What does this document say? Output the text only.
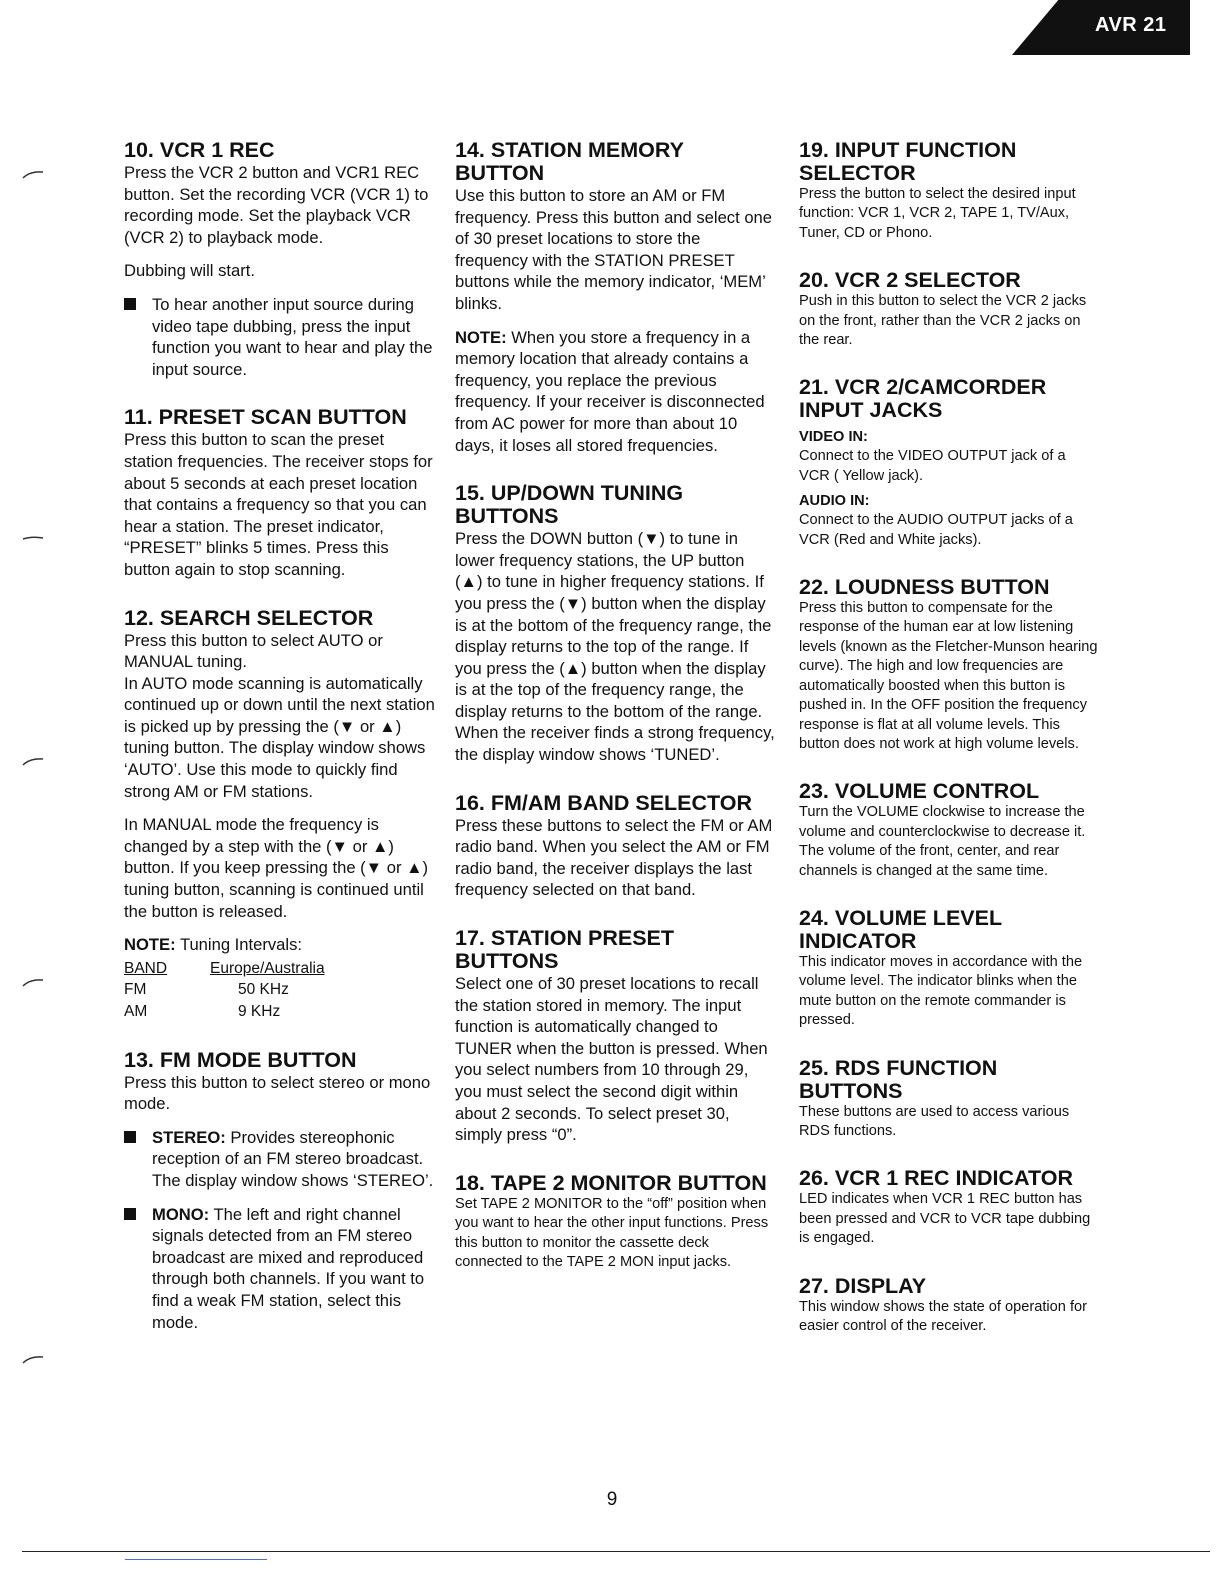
AVR 21
10. VCR 1 REC

Press the VCR 2 button and VCR1 REC button. Set the recording VCR (VCR 1) to recording mode. Set the playback VCR (VCR 2) to playback mode.

Dubbing will start.

To hear another input source during video tape dubbing, press the input function you want to hear and play the input source.
11. PRESET SCAN BUTTON

Press this button to scan the preset station frequencies. The receiver stops for about 5 seconds at each preset location that contains a frequency so that you can hear a station. The preset indicator, “PRESET” blinks 5 times. Press this button again to stop scanning.

12. SEARCH SELECTOR

Press this button to select AUTO or MANUAL tuning.

In AUTO mode scanning is automatically continued up or down until the next station is picked up by pressing the (▼ or ▲) tuning button. The display window shows ‘AUTO’. Use this mode to quickly find strong AM or FM stations.

In MANUAL mode the frequency is changed by a step with the (▼ or ▲) button. If you keep pressing the (▼ or ▲) tuning button, scanning is continued until the button is released.

NOTE: Tuning Intervals:

BAND	Europe/Australia
FM	50 KHz
AM	9 KHz
13. FM MODE BUTTON

Press this button to select stereo or mono mode.

STEREO: Provides stereophonic reception of an FM stereo broadcast. The display window shows ‘STEREO’.
MONO: The left and right channel signals detected from an FM stereo broadcast are mixed and reproduced through both channels. If you want to find a weak FM station, select this mode.
14. STATION MEMORY BUTTON

Use this button to store an AM or FM frequency. Press this button and select one of 30 preset locations to store the frequency with the STATION PRESET buttons while the memory indicator, ‘MEM’ blinks.

NOTE: When you store a frequency in a memory location that already contains a frequency, you replace the previous frequency. If your receiver is disconnected from AC power for more than about 10 days, it loses all stored frequencies.

15. UP/DOWN TUNING BUTTONS

Press the DOWN button (▼) to tune in lower frequency stations, the UP button (▲) to tune in higher frequency stations. If you press the (▼) button when the display is at the bottom of the frequency range, the display returns to the top of the range. If you press the (▲) button when the display is at the top of the frequency range, the display returns to the bottom of the range. When the receiver finds a strong frequency, the display window shows ‘TUNED’.

16. FM/AM BAND SELECTOR

Press these buttons to select the FM or AM radio band. When you select the AM or FM radio band, the receiver displays the last frequency selected on that band.

17. STATION PRESET BUTTONS

Select one of 30 preset locations to recall the station stored in memory. The input function is automatically changed to TUNER when the button is pressed. When you select numbers from 10 through 29, you must select the second digit within about 2 seconds. To select preset 30, simply press “0”.

18. TAPE 2 MONITOR BUTTON

Set TAPE 2 MONITOR to the “off” position when you want to hear the other input functions. Press this button to monitor the cassette deck connected to the TAPE 2 MON input jacks.

19. INPUT FUNCTION SELECTOR

Press the button to select the desired input function: VCR 1, VCR 2, TAPE 1, TV/Aux, Tuner, CD or Phono.

20. VCR 2 SELECTOR

Push in this button to select the VCR 2 jacks on the front, rather than the VCR 2 jacks on the rear.

21. VCR 2/CAMCORDER INPUT JACKS
VIDEO IN:

Connect to the VIDEO OUTPUT jack of a VCR ( Yellow jack).

AUDIO IN:

Connect to the AUDIO OUTPUT jacks of a VCR (Red and White jacks).

22. LOUDNESS BUTTON

Press this button to compensate for the response of the human ear at low listening levels (known as the Fletcher-Munson hearing curve). The high and low frequencies are automatically boosted when this button is pushed in. In the OFF position the frequency response is flat at all volume levels. This button does not work at high volume levels.

23. VOLUME CONTROL

Turn the VOLUME clockwise to increase the volume and counterclockwise to decrease it. The volume of the front, center, and rear channels is changed at the same time.

24. VOLUME LEVEL INDICATOR

This indicator moves in accordance with the volume level. The indicator blinks when the mute button on the remote commander is pressed.

25. RDS FUNCTION BUTTONS

These buttons are used to access various RDS functions.

26. VCR 1 REC INDICATOR

LED indicates when VCR 1 REC button has been pressed and VCR to VCR tape dubbing is engaged.

27. DISPLAY

This window shows the state of operation for easier control of the receiver.

9
